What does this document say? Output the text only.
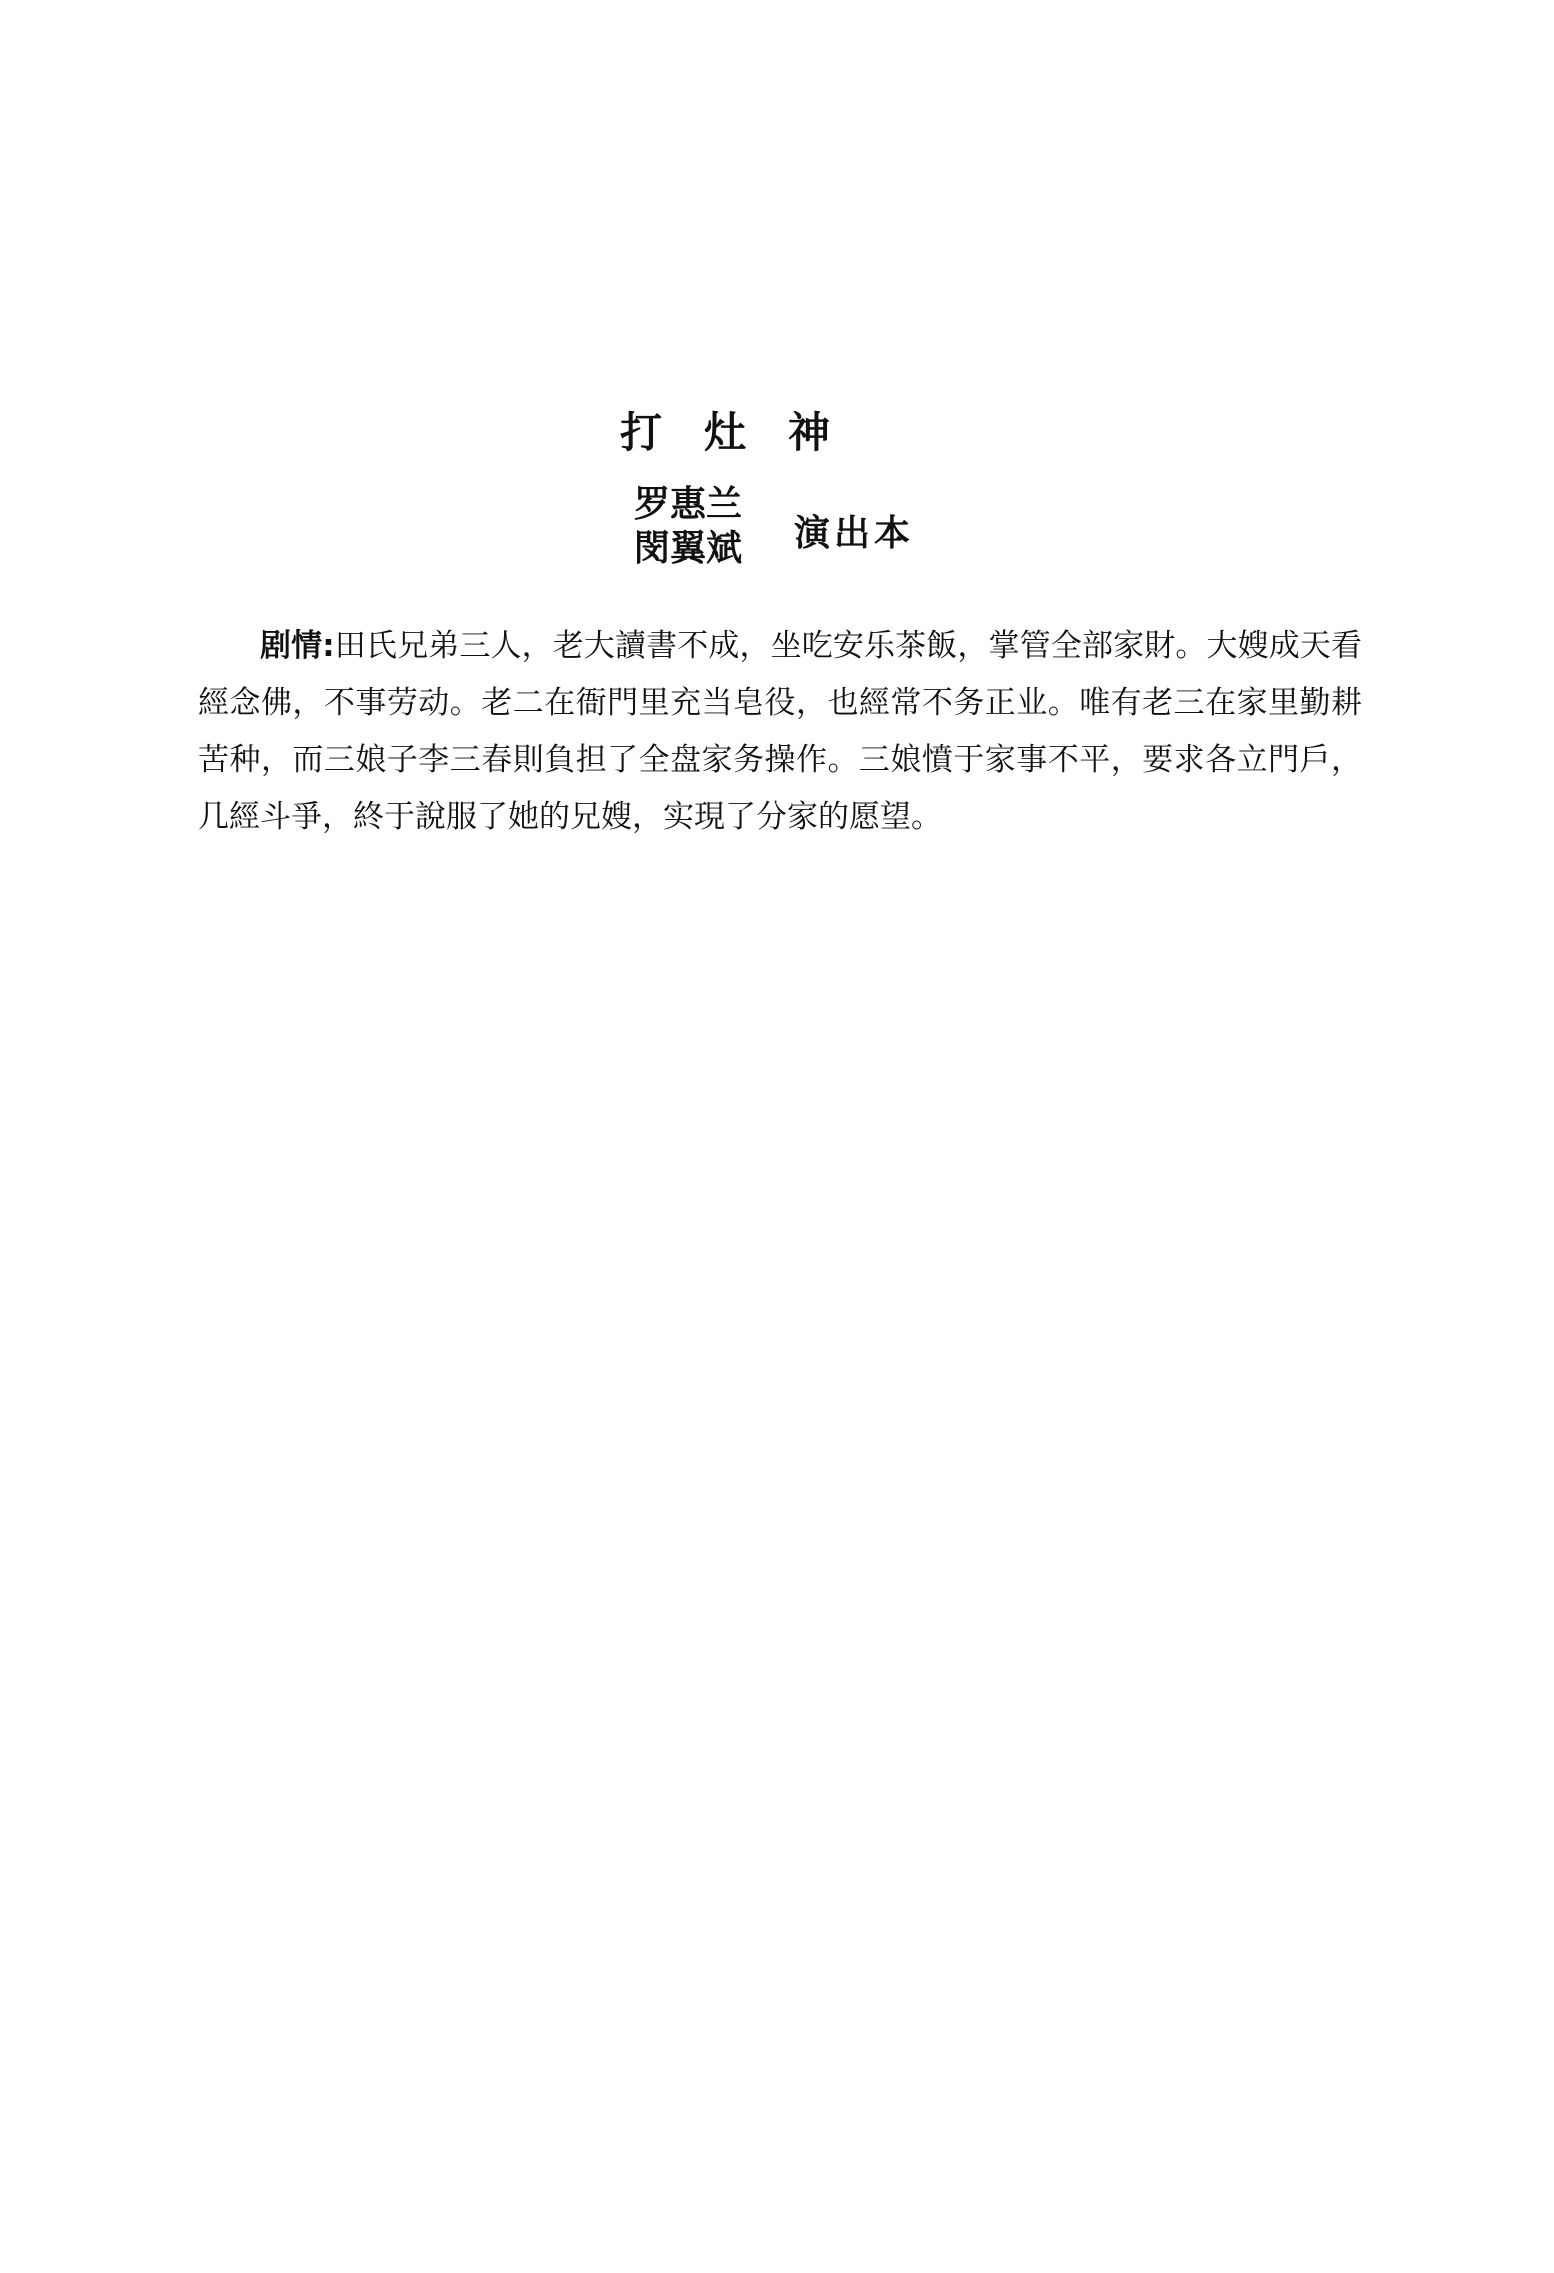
打灶神
罗惠兰
閔翼斌	演出本

剧情:田氏兄弟三人，老大讀書不成，坐吃安乐茶飯，掌管全部家財。大嫂成天看經念佛，不事劳动。老二在衙門里充当皂役，也經常不务正业。唯有老三在家里勤耕苦种，而三娘子李三春則負担了全盘家务操作。三娘憤于家事不平，要求各立門戶，几經斗爭，終于說服了她的兄嫂，实現了分家的愿望。
